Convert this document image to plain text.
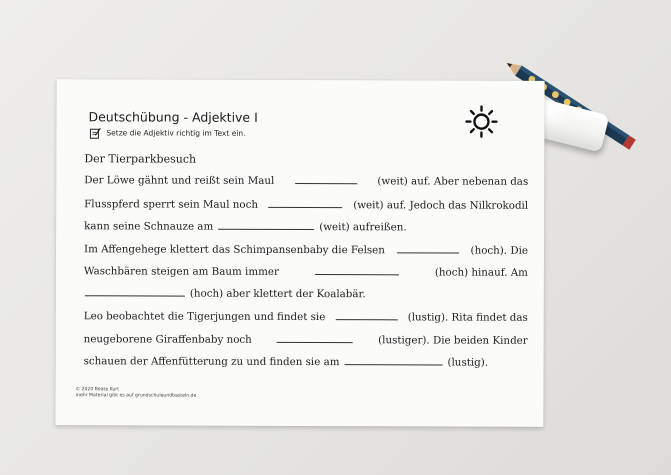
Deutschübung - Adjektive I
Setze die Adjektiv richtig im Text ein.
Der Tierparkbesuch
Der Löwe gähnt und reißt sein Maul	(weit) auf. Aber nebenan das
Flusspferd sperrt sein Maul noch	(weit) auf. Jedoch das Nilkrokodil
kann seine Schnauze am	(weit) aufreißen.
Im Affengehege klettert das Schimpansenbaby die Felsen	(hoch). Die
Waschbären steigen am Baum immer	(hoch) hinauf. Am
(hoch) aber klettert der Koalabär.
Leo beobachtet die Tigerjungen und findet sie	(lustig). Rita findet das
neugeborene Giraffenbaby noch	(lustiger). Die beiden Kinder
schauen der Affenfütterung zu und finden sie am	(lustig).
© 2020 Beate Kurt
mehr Material gibt es auf grundschuleundbasteln.de
